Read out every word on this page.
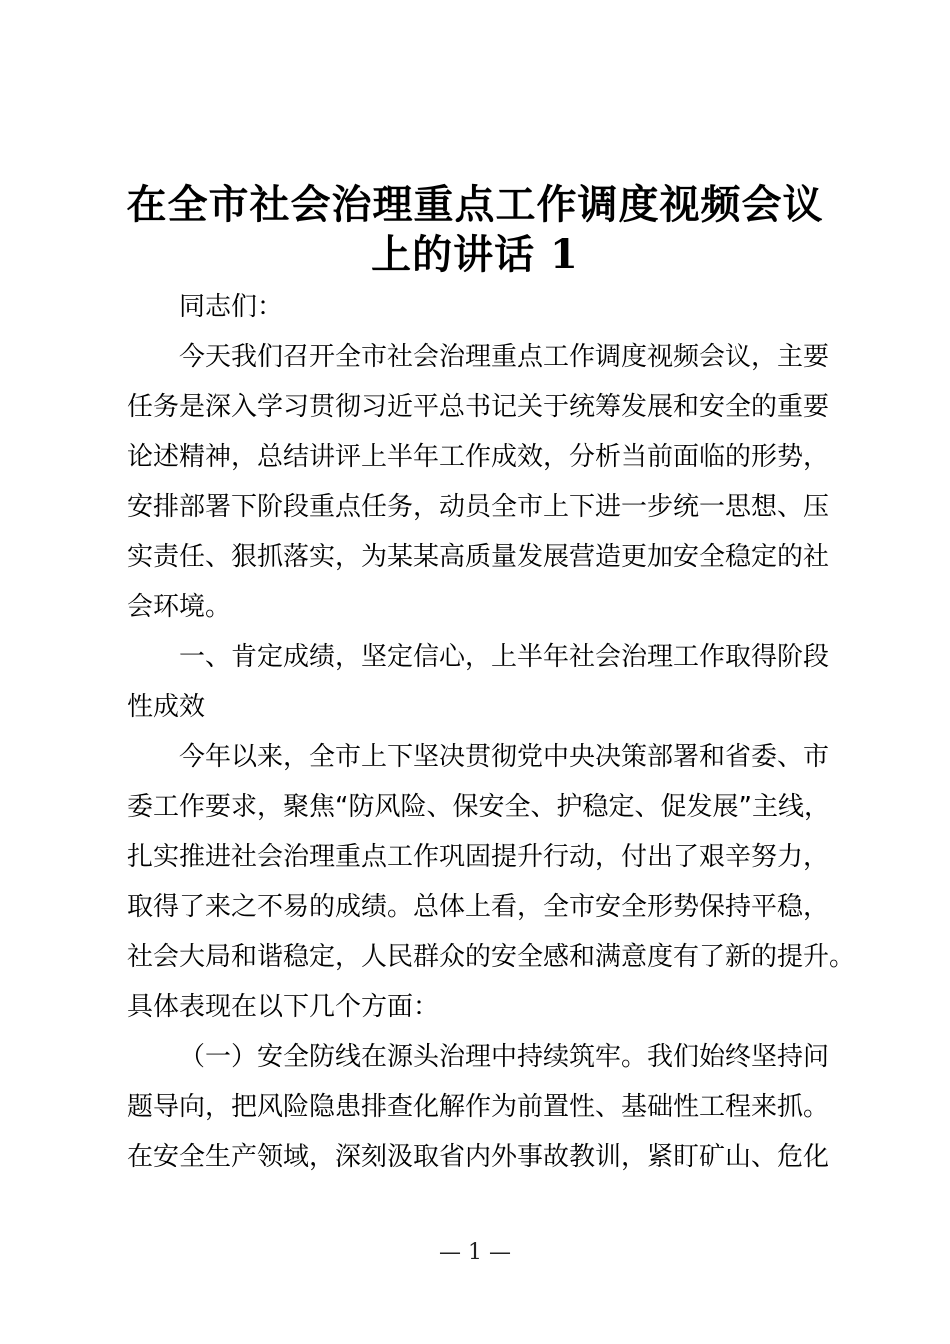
在全市社会治理重点工作调度视频会议
上的讲话 1

同志们：

今天我们召开全市社会治理重点工作调度视频会议，主要
任务是深入学习贯彻习近平总书记关于统筹发展和安全的重要
论述精神，总结讲评上半年工作成效，分析当前面临的形势，
安排部署下阶段重点任务，动员全市上下进一步统一思想、压
实责任、狠抓落实，为某某高质量发展营造更加安全稳定的社
会环境。

一、肯定成绩，坚定信心，上半年社会治理工作取得阶段
性成效

今年以来，全市上下坚决贯彻党中央决策部署和省委、市
委工作要求，聚焦“防风险、保安全、护稳定、促发展”主线，
扎实推进社会治理重点工作巩固提升行动，付出了艰辛努力，
取得了来之不易的成绩。总体上看，全市安全形势保持平稳，
社会大局和谐稳定，人民群众的安全感和满意度有了新的提升。
具体表现在以下几个方面：

（一）安全防线在源头治理中持续筑牢。我们始终坚持问
题导向，把风险隐患排查化解作为前置性、基础性工程来抓。
在安全生产领域，深刻汲取省内外事故教训，紧盯矿山、危化

— 1 —
